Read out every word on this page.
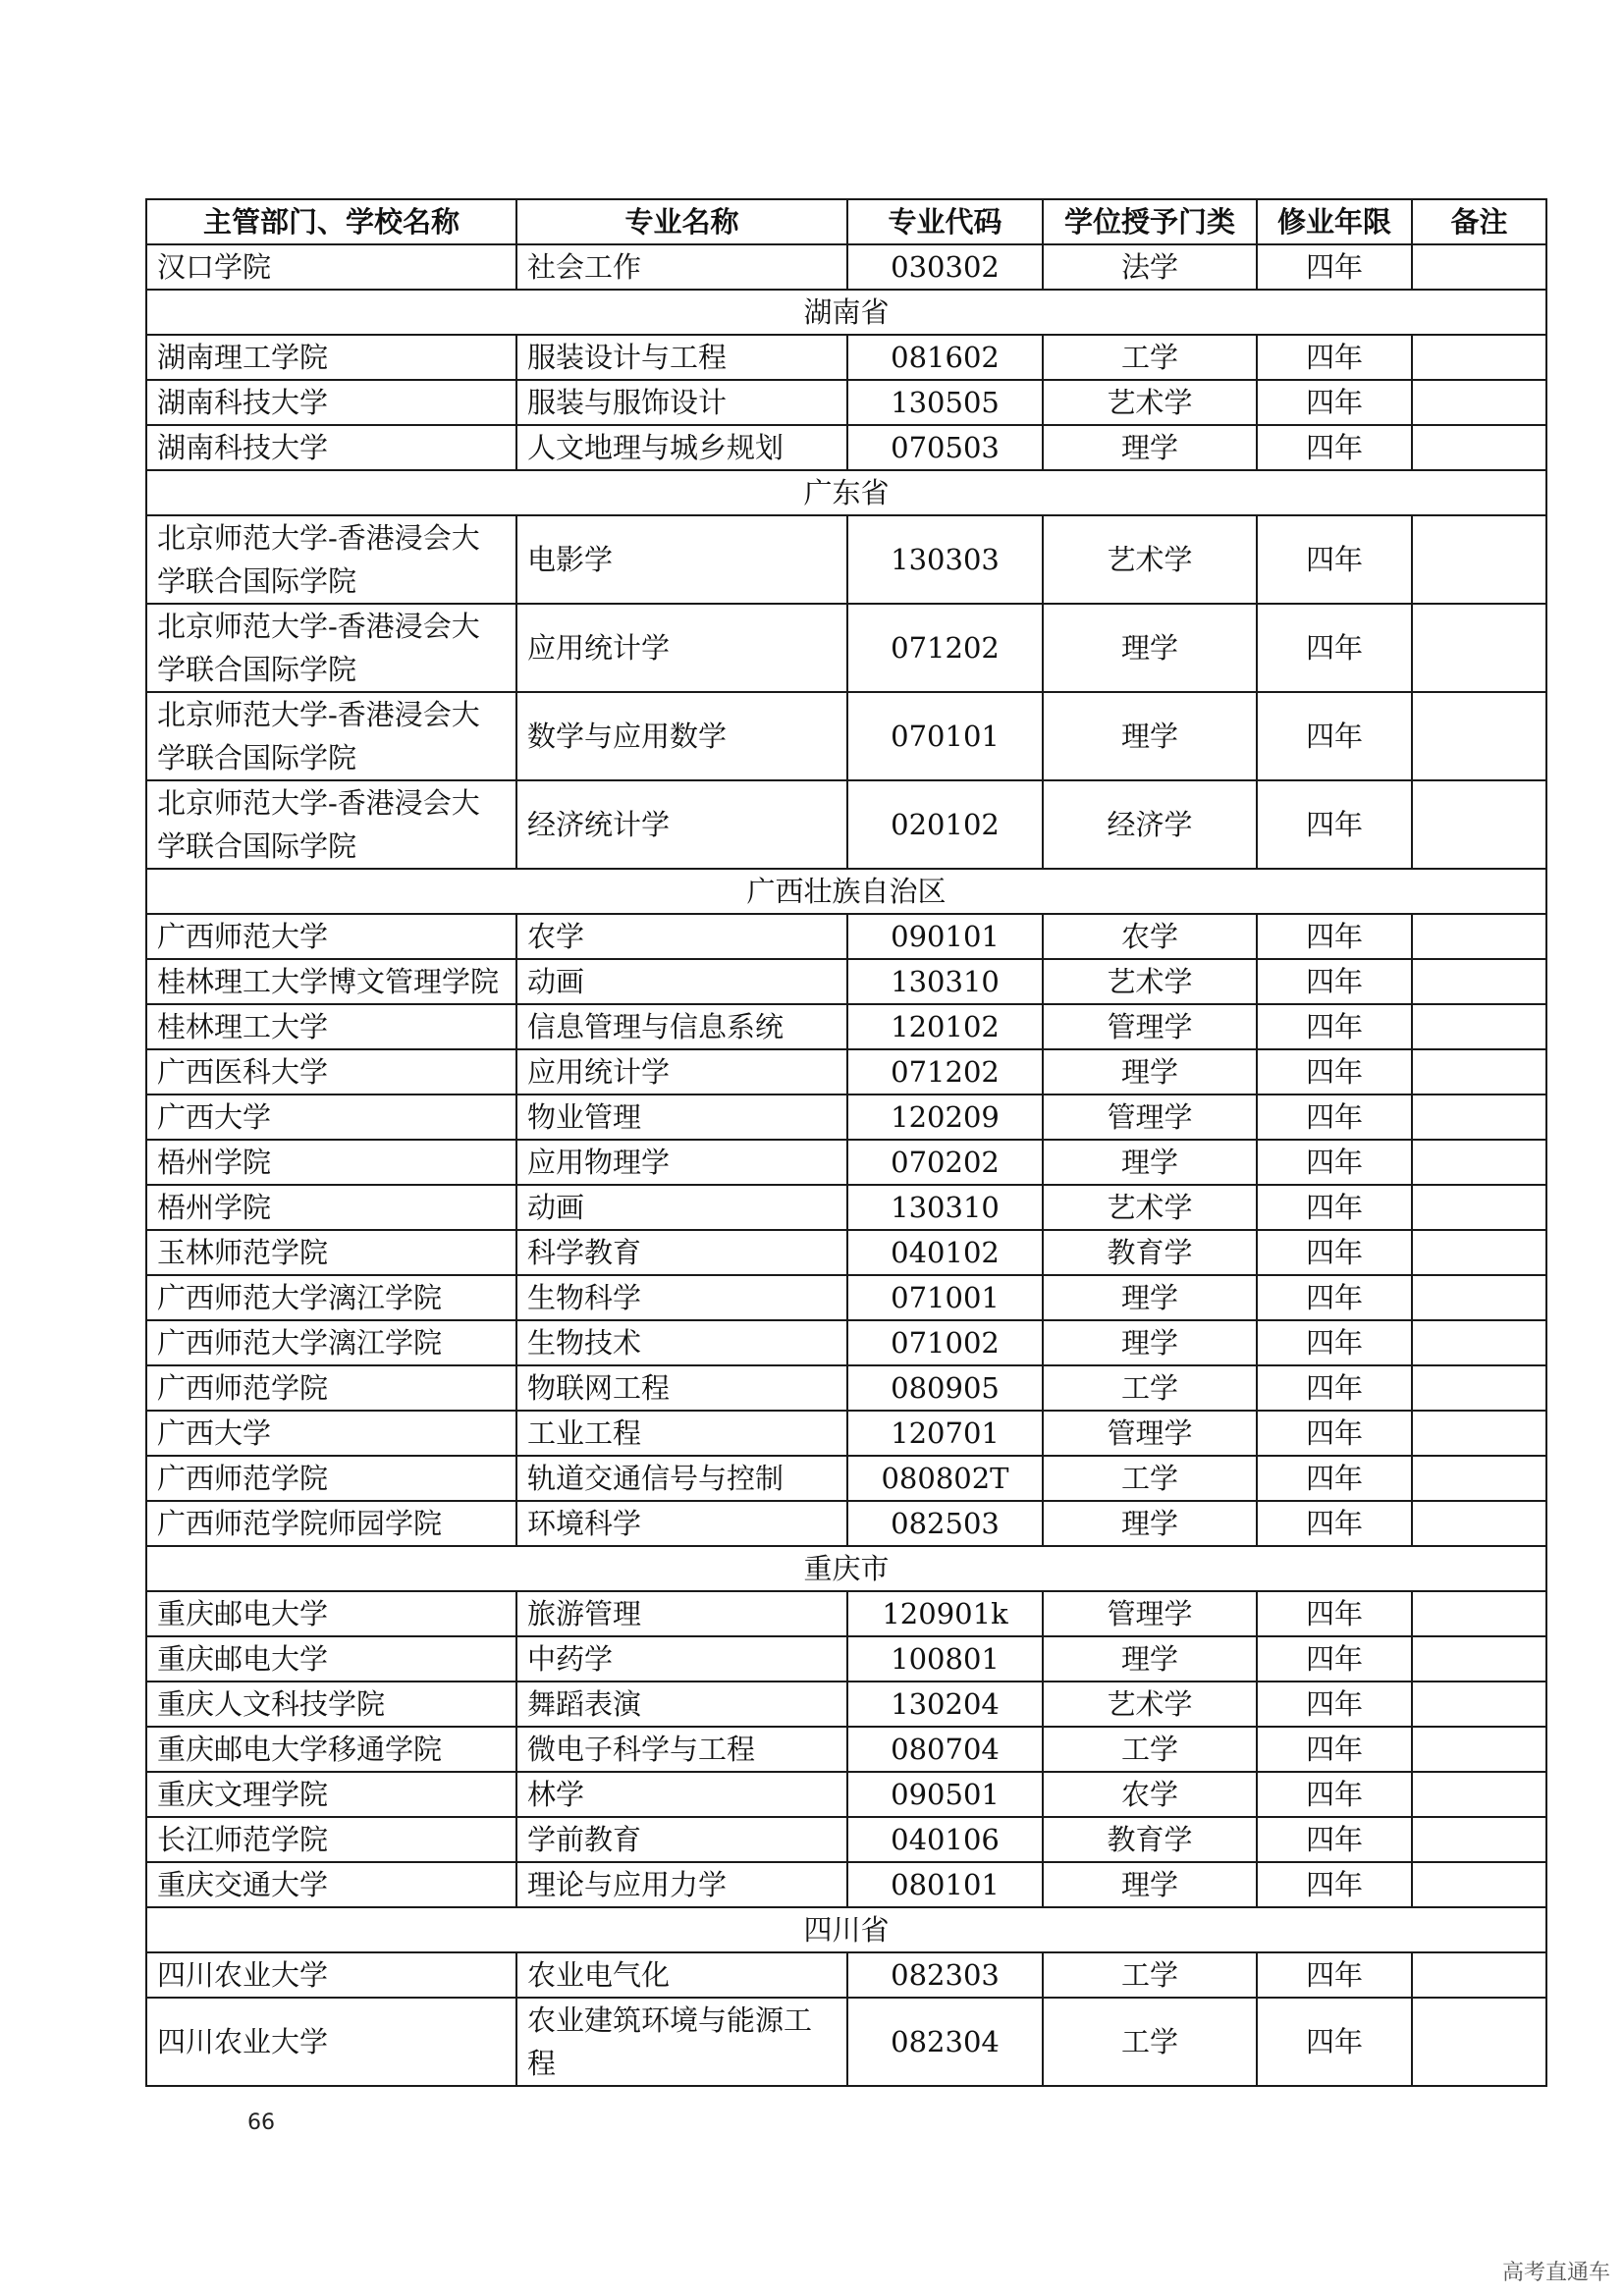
主管部门、学校名称	专业名称	专业代码	学位授予门类	修业年限	备注
汉口学院	社会工作	030302	法学	四年	
湖南省					
湖南理工学院	服装设计与工程	081602	工学	四年	
湖南科技大学	服装与服饰设计	130505	艺术学	四年	
湖南科技大学	人文地理与城乡规划	070503	理学	四年	
广东省					
北京师范大学-香港浸会大学联合国际学院	电影学	130303	艺术学	四年	
北京师范大学-香港浸会大学联合国际学院	应用统计学	071202	理学	四年	
北京师范大学-香港浸会大学联合国际学院	数学与应用数学	070101	理学	四年	
北京师范大学-香港浸会大学联合国际学院	经济统计学	020102	经济学	四年	
广西壮族自治区					
广西师范大学	农学	090101	农学	四年	
桂林理工大学博文管理学院	动画	130310	艺术学	四年	
桂林理工大学	信息管理与信息系统	120102	管理学	四年	
广西医科大学	应用统计学	071202	理学	四年	
广西大学	物业管理	120209	管理学	四年	
梧州学院	应用物理学	070202	理学	四年	
梧州学院	动画	130310	艺术学	四年	
玉林师范学院	科学教育	040102	教育学	四年	
广西师范大学漓江学院	生物科学	071001	理学	四年	
广西师范大学漓江学院	生物技术	071002	理学	四年	
广西师范学院	物联网工程	080905	工学	四年	
广西大学	工业工程	120701	管理学	四年	
广西师范学院	轨道交通信号与控制	080802T	工学	四年	
广西师范学院师园学院	环境科学	082503	理学	四年	
重庆市					
重庆邮电大学	旅游管理	120901k	管理学	四年	
重庆邮电大学	中药学	100801	理学	四年	
重庆人文科技学院	舞蹈表演	130204	艺术学	四年	
重庆邮电大学移通学院	微电子科学与工程	080704	工学	四年	
重庆文理学院	林学	090501	农学	四年	
长江师范学院	学前教育	040106	教育学	四年	
重庆交通大学	理论与应用力学	080101	理学	四年	
四川省					
四川农业大学	农业电气化	082303	工学	四年	
四川农业大学	农业建筑环境与能源工程	082304	工学	四年	
66
高考直通车
